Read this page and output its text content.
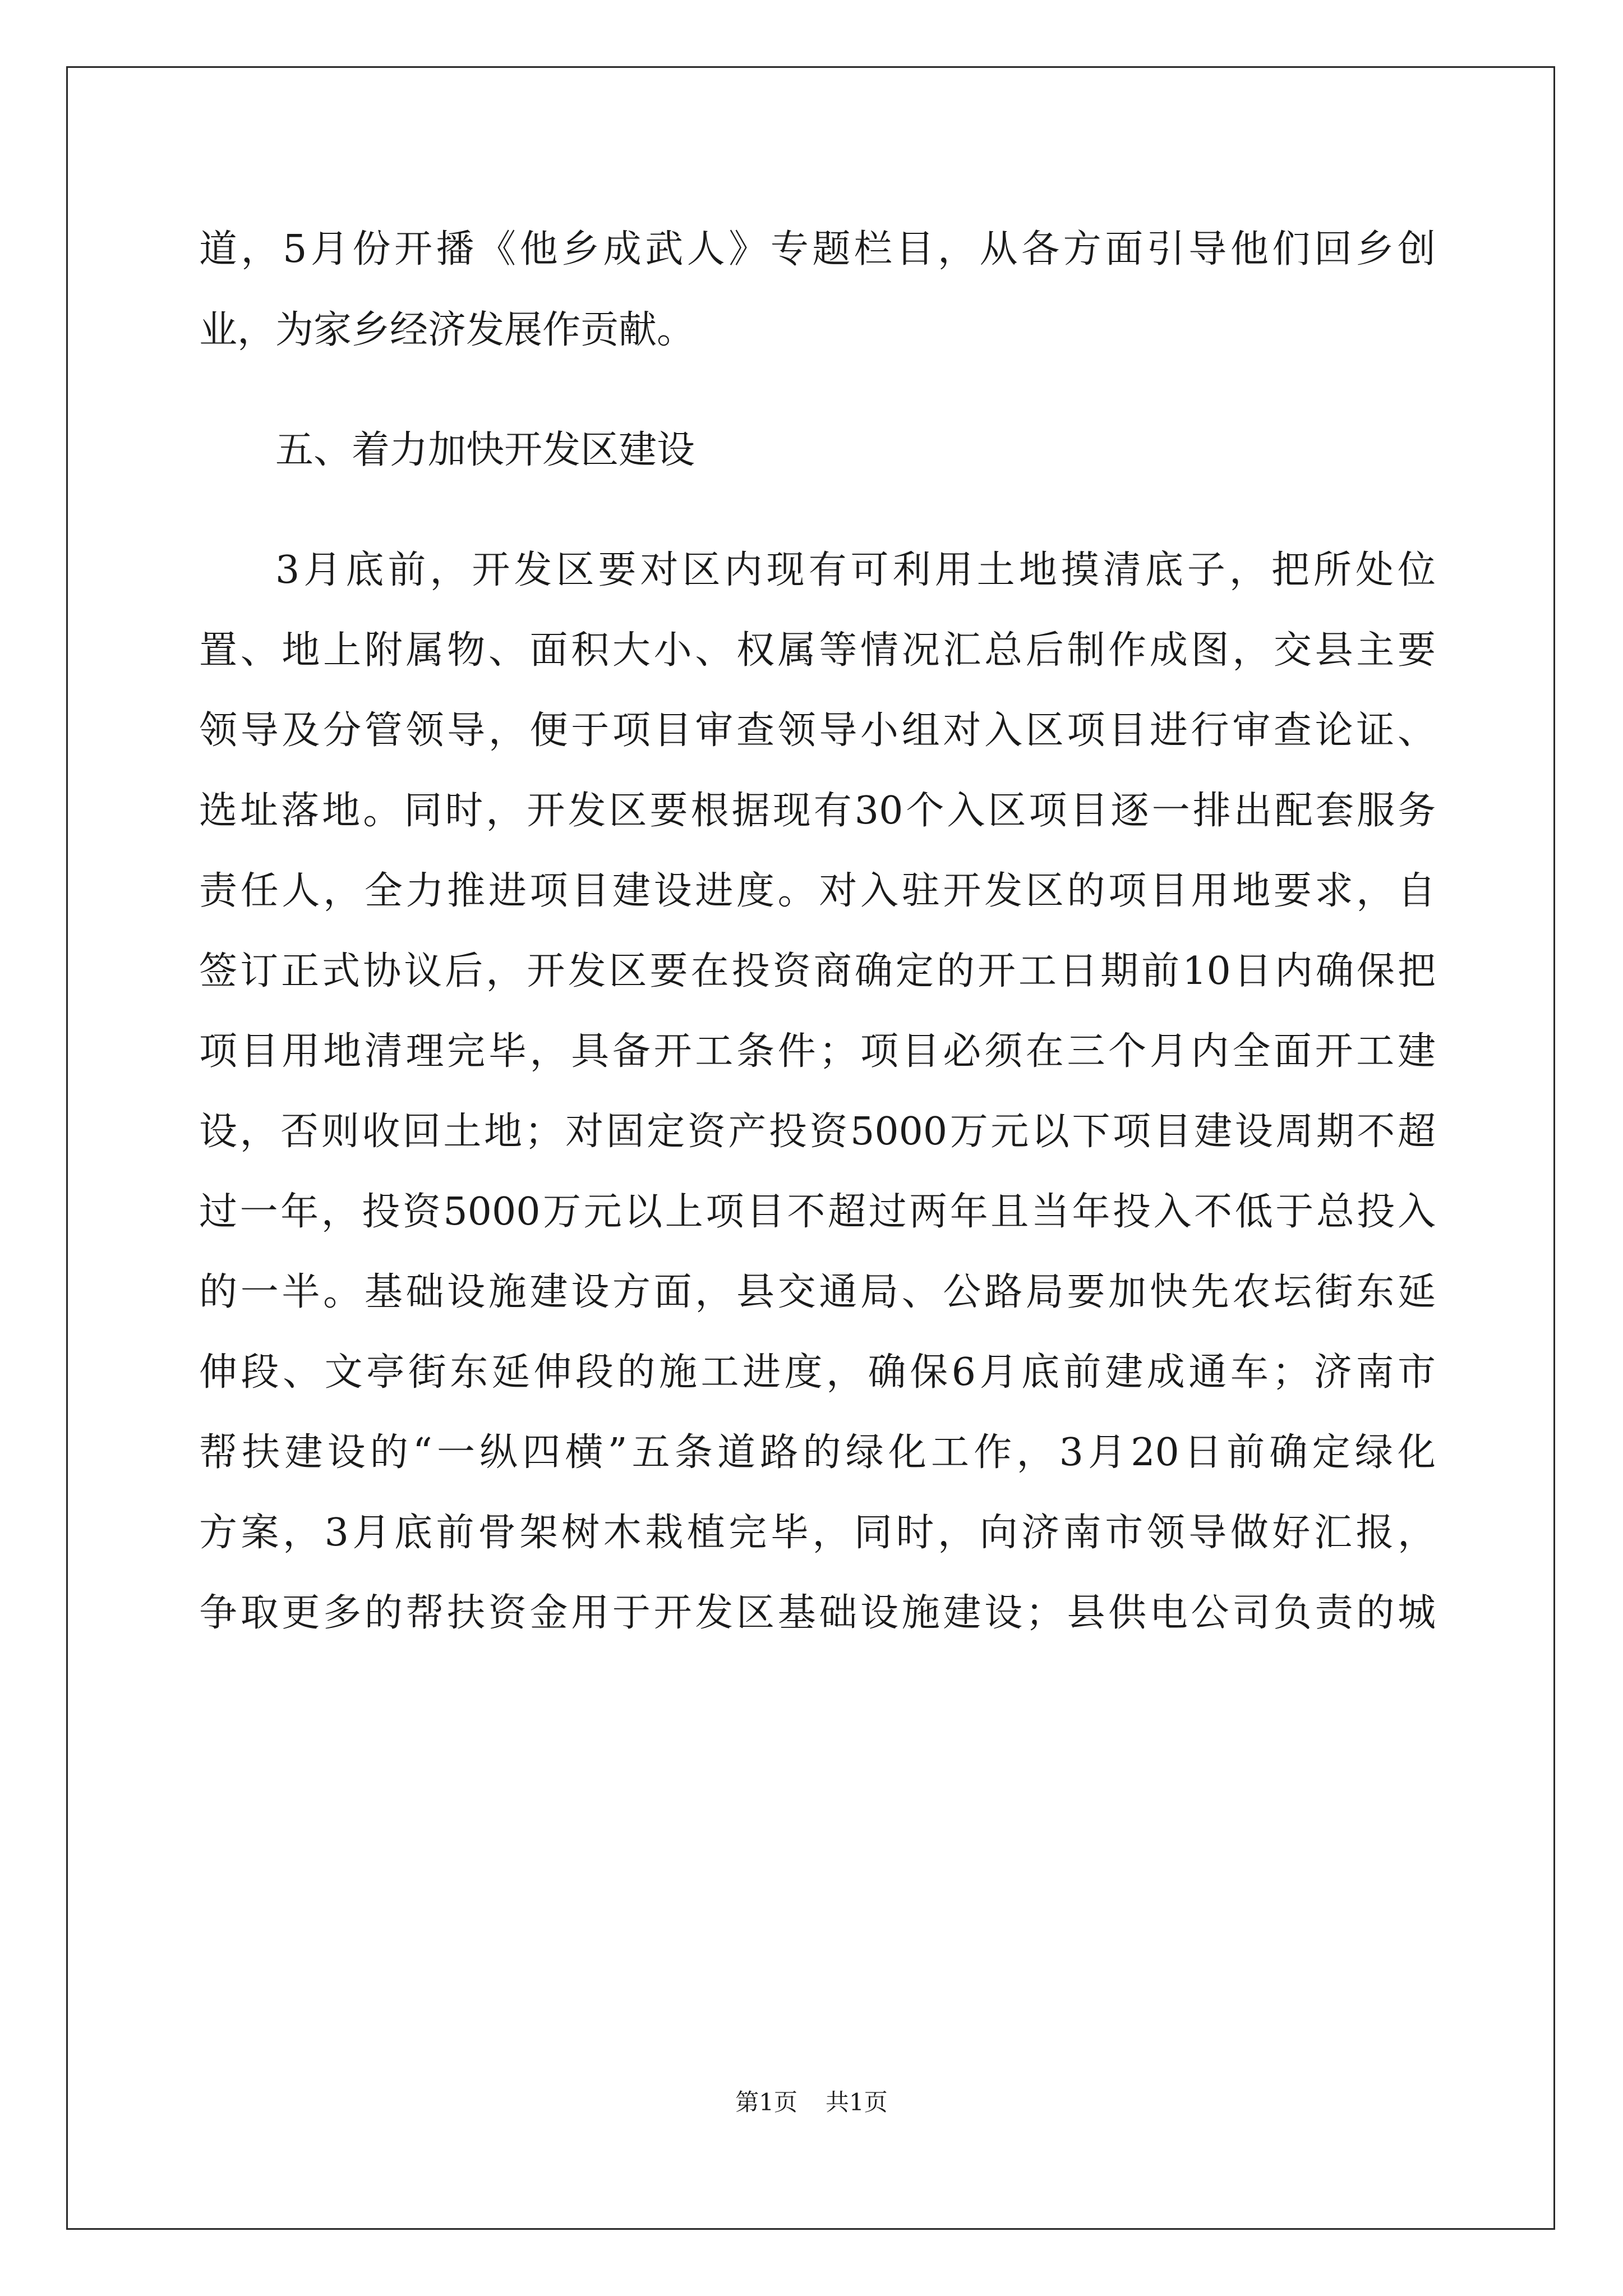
道，5月份开播《他乡成武人》专题栏目，从各方面引导他们回乡创
业，为家乡经济发展作贡献。
五、着力加快开发区建设
3月底前，开发区要对区内现有可利用土地摸清底子，把所处位
置、地上附属物、面积大小、权属等情况汇总后制作成图，交县主要
领导及分管领导，便于项目审查领导小组对入区项目进行审查论证、
选址落地。同时，开发区要根据现有30个入区项目逐一排出配套服务
责任人，全力推进项目建设进度。对入驻开发区的项目用地要求，自
签订正式协议后，开发区要在投资商确定的开工日期前10日内确保把
项目用地清理完毕，具备开工条件；项目必须在三个月内全面开工建
设，否则收回土地；对固定资产投资5000万元以下项目建设周期不超
过一年，投资5000万元以上项目不超过两年且当年投入不低于总投入
的一半。基础设施建设方面，县交通局、公路局要加快先农坛街东延
伸段、文亭街东延伸段的施工进度，确保6月底前建成通车；济南市
帮扶建设的“一纵四横”五条道路的绿化工作，3月20日前确定绿化
方案，3月底前骨架树木栽植完毕，同时，向济南市领导做好汇报，
争取更多的帮扶资金用于开发区基础设施建设；县供电公司负责的城
第1页 共1页
